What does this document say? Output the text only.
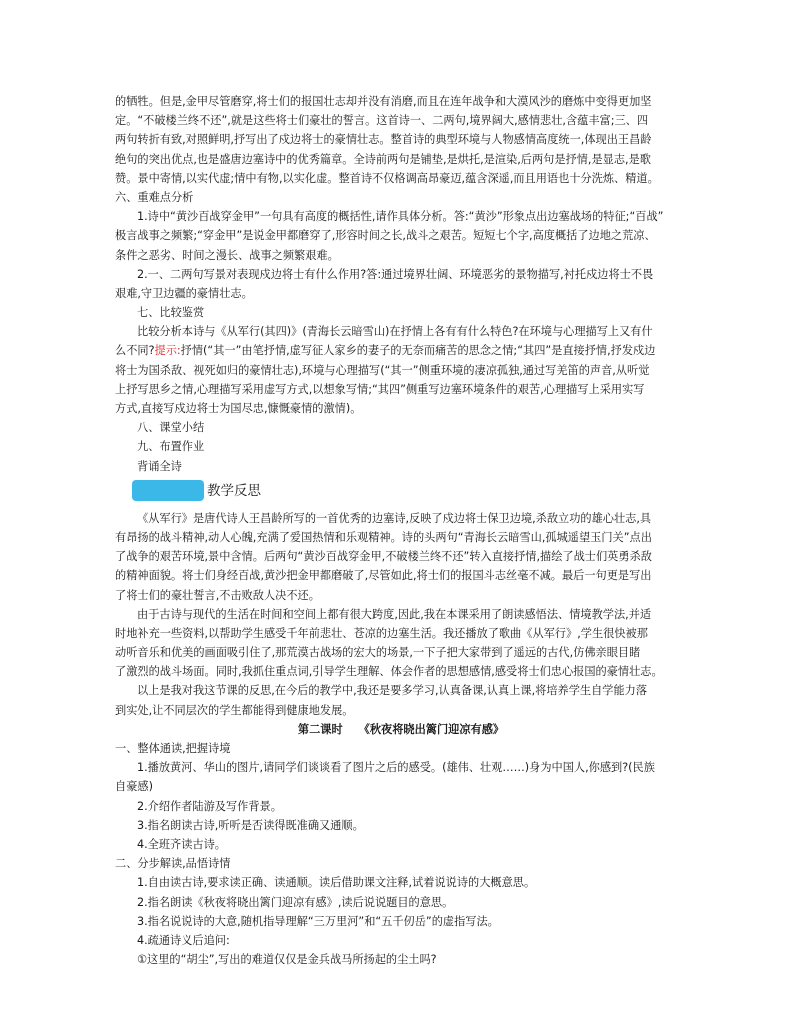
的牺牲。但是,金甲尽管磨穿,将士们的报国壮志却并没有消磨,而且在连年战争和大漠风沙的磨炼中变得更加坚
定。“不破楼兰终不还”,就是这些将士们豪壮的誓言。这首诗一、二两句,境界阔大,感情悲壮,含蕴丰富;三、四
两句转折有致,对照鲜明,抒写出了戍边将士的豪情壮志。整首诗的典型环境与人物感情高度统一,体现出王昌龄
绝句的突出优点,也是盛唐边塞诗中的优秀篇章。全诗前两句是铺垫,是烘托,是渲染,后两句是抒情,是显志,是歌
赞。景中寄情,以实代虚;情中有物,以实化虚。整首诗不仅格调高昂豪迈,蕴含深遥,而且用语也十分洗炼、精道。
六、重难点分析
1.诗中“黄沙百战穿金甲”一句具有高度的概括性,请作具体分析。答:“黄沙”形象点出边塞战场的特征;“百战”
极言战事之频繁;“穿金甲”是说金甲都磨穿了,形容时间之长,战斗之艰苦。短短七个字,高度概括了边地之荒凉、
条件之恶劣、时间之漫长、战事之频繁艰难。
2.一、二两句写景对表现戍边将士有什么作用?答:通过境界壮阔、环境恶劣的景物描写,衬托戍边将士不畏
艰难,守卫边疆的豪情壮志。
七、比较鉴赏
比较分析本诗与《从军行(其四)》(青海长云暗雪山)在抒情上各有有什么特色?在环境与心理描写上又有什
么不同?提示:抒情(“其一”由笔抒情,虚写征人家乡的妻子的无奈而痛苦的思念之情;“其四”是直接抒情,抒发戍边
将士为国杀敌、视死如归的豪情壮志),环境与心理描写(“其一”侧重环境的凄凉孤独,通过写羌笛的声音,从听觉
上抒写思乡之情,心理描写采用虚写方式,以想象写情;“其四”侧重写边塞环境条件的艰苦,心理描写上采用实写
方式,直接写戍边将士为国尽忠,慷慨豪情的激情)。
八、课堂小结
九、布置作业
背诵全诗
教学反思
《从军行》是唐代诗人王昌龄所写的一首优秀的边塞诗,反映了戍边将士保卫边境,杀敌立功的雄心壮志,具
有昂扬的战斗精神,动人心魄,充满了爱国热情和乐观精神。诗的头两句“青海长云暗雪山,孤城遥望玉门关”点出
了战争的艰苦环境,景中含情。后两句“黄沙百战穿金甲,不破楼兰终不还”转入直接抒情,描绘了战士们英勇杀敌
的精神面貌。将士们身经百战,黄沙把金甲都磨破了,尽管如此,将士们的报国斗志丝毫不减。最后一句更是写出
了将士们的豪壮誓言,不击败敌人决不还。
由于古诗与现代的生活在时间和空间上都有很大跨度,因此,我在本课采用了朗读感悟法、情境教学法,并适
时地补充一些资料,以帮助学生感受千年前悲壮、苍凉的边塞生活。我还播放了歌曲《从军行》,学生很快被那
动听音乐和优美的画面吸引住了,那荒漠古战场的宏大的场景,一下子把大家带到了遥远的古代,仿佛亲眼目睹
了激烈的战斗场面。同时,我抓住重点词,引导学生理解、体会作者的思想感情,感受将士们忠心报国的豪情壮志。
以上是我对我这节课的反思,在今后的教学中,我还是要多学习,认真备课,认真上课,将培养学生自学能力落
到实处,让不同层次的学生都能得到健康地发展。
第二课时 《秋夜将晓出篱门迎凉有感》
一、整体通读,把握诗境
1.播放黄河、华山的图片,请同学们谈谈看了图片之后的感受。(雄伟、壮观……)身为中国人,你感到?(民族
自豪感)
2.介绍作者陆游及写作背景。
3.指名朗读古诗,听听是否读得既准确又通顺。
4.全班齐读古诗。
二、分步解读,品悟诗情
1.自由读古诗,要求读正确、读通顺。读后借助课文注释,试着说说诗的大概意思。
2.指名朗读《秋夜将晓出篱门迎凉有感》,读后说说题目的意思。
3.指名说说诗的大意,随机指导理解“三万里河”和“五千仞岳”的虚指写法。
4.疏通诗义后追问:
①这里的“胡尘”,写出的难道仅仅是金兵战马所扬起的尘土吗?
